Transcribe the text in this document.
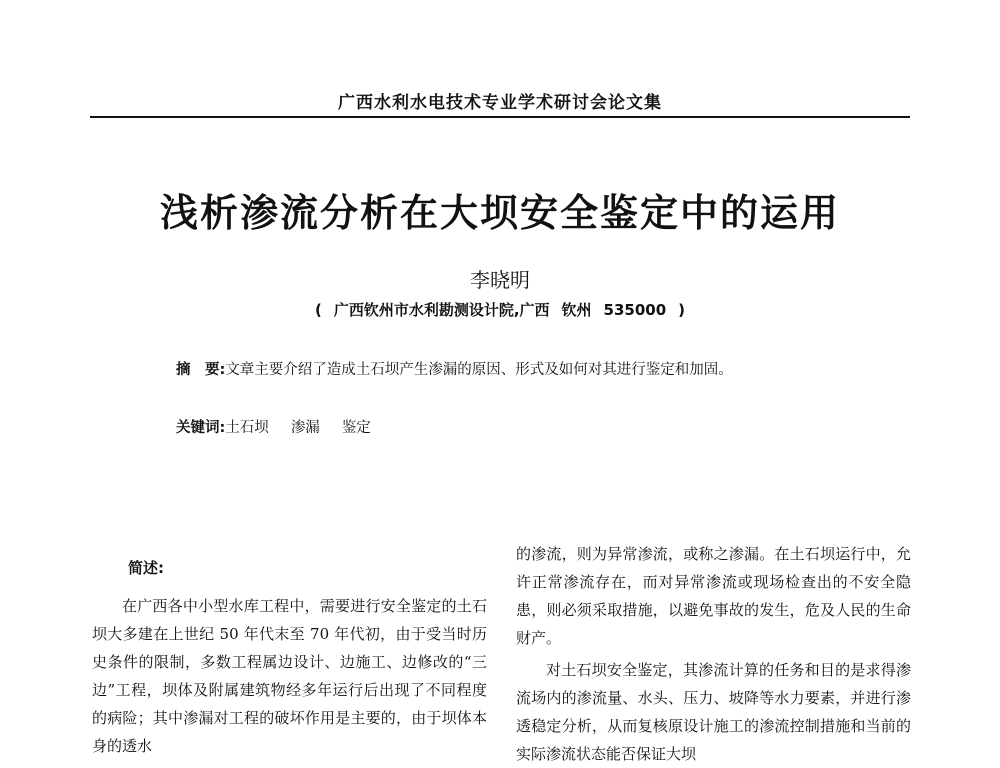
广西水利水电技术专业学术研讨会论文集
浅析渗流分析在大坝安全鉴定中的运用
李晓明
( 广西钦州市水利勘测设计院,广西 钦州 535000 )
摘　要:文章主要介绍了造成土石坝产生渗漏的原因、形式及如何对其进行鉴定和加固。
关键词:土石坝 渗漏 鉴定
简述:

在广西各中小型水库工程中，需要进行安全鉴定的土石坝大多建在上世纪 50 年代末至 70 年代初，由于受当时历史条件的限制，多数工程属边设计、边施工、边修改的“三边”工程，坝体及附属建筑物经多年运行后出现了不同程度的病险；其中渗漏对工程的破坏作用是主要的，由于坝体本身的透水

的渗流，则为异常渗流，或称之渗漏。在土石坝运行中，允许正常渗流存在，而对异常渗流或现场检查出的不安全隐患，则必须采取措施，以避免事故的发生，危及人民的生命财产。

对土石坝安全鉴定，其渗流计算的任务和目的是求得渗流场内的渗流量、水头、压力、坡降等水力要素，并进行渗透稳定分析，从而复核原设计施工的渗流控制措施和当前的实际渗流状态能否保证大坝
